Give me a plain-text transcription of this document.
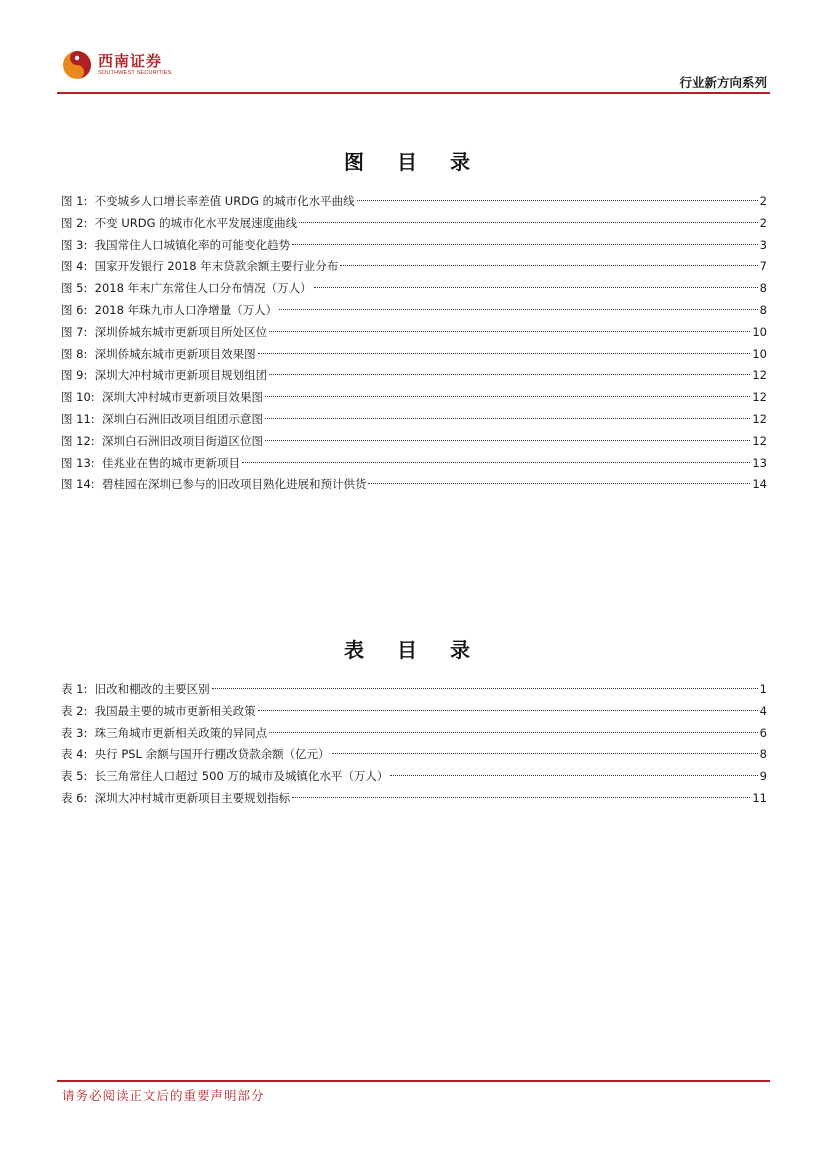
西南证券
SOUTHWEST SECURITIES
行业新方向系列
图 目 录
图 1:  不变城乡人口增长率差值 URDG 的城市化水平曲线	2
图 2:  不变 URDG 的城市化水平发展速度曲线	2
图 3:  我国常住人口城镇化率的可能变化趋势	3
图 4:  国家开发银行 2018 年末贷款余额主要行业分布	7
图 5:  2018 年末广东常住人口分布情况（万人）	8
图 6:  2018 年珠九市人口净增量（万人）	8
图 7:  深圳侨城东城市更新项目所处区位	10
图 8:  深圳侨城东城市更新项目效果图	10
图 9:  深圳大冲村城市更新项目规划组团	12
图 10:  深圳大冲村城市更新项目效果图	12
图 11:  深圳白石洲旧改项目组团示意图	12
图 12:  深圳白石洲旧改项目街道区位图	12
图 13:  佳兆业在售的城市更新项目	13
图 14:  碧桂园在深圳已参与的旧改项目熟化进展和预计供货	14
表 目 录
表 1:  旧改和棚改的主要区别	1
表 2:  我国最主要的城市更新相关政策	4
表 3:  珠三角城市更新相关政策的异同点	6
表 4:  央行 PSL 余额与国开行棚改贷款余额（亿元）	8
表 5:  长三角常住人口超过 500 万的城市及城镇化水平（万人）	9
表 6:  深圳大冲村城市更新项目主要规划指标	11
请务必阅读正文后的重要声明部分
